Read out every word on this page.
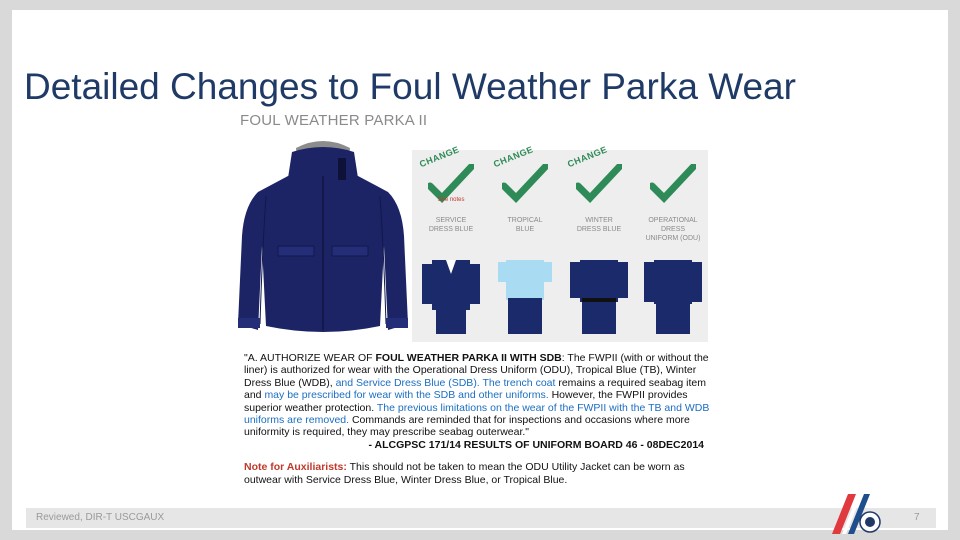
Detailed Changes to Foul Weather Parka Wear
FOUL WEATHER PARKA II
CHANGE
See notes
SERVICE
DRESS BLUE
CHANGE
TROPICAL
BLUE
CHANGE
WINTER
DRESS BLUE
OPERATIONAL
DRESS
UNIFORM (ODU)
"A. AUTHORIZE WEAR OF FOUL WEATHER PARKA II WITH SDB: The FWPII (with or without the liner) is authorized for wear with the Operational Dress Uniform (ODU), Tropical Blue (TB), Winter Dress Blue (WDB), and Service Dress Blue (SDB). The trench coat remains a required seabag item and may be prescribed for wear with the SDB and other uniforms. However, the FWPII provides superior weather protection. The previous limitations on the wear of the FWPII with the TB and WDB uniforms are removed. Commands are reminded that for inspections and occasions where more uniformity is required, they may prescribe seabag outerwear."
- ALCGPSC 171/14 RESULTS OF UNIFORM BOARD 46 - 08DEC2014
Note for Auxiliarists: This should not be taken to mean the ODU Utility Jacket can be worn as outwear with Service Dress Blue, Winter Dress Blue, or Tropical Blue.
Reviewed, DIR-T USCGAUX	7
